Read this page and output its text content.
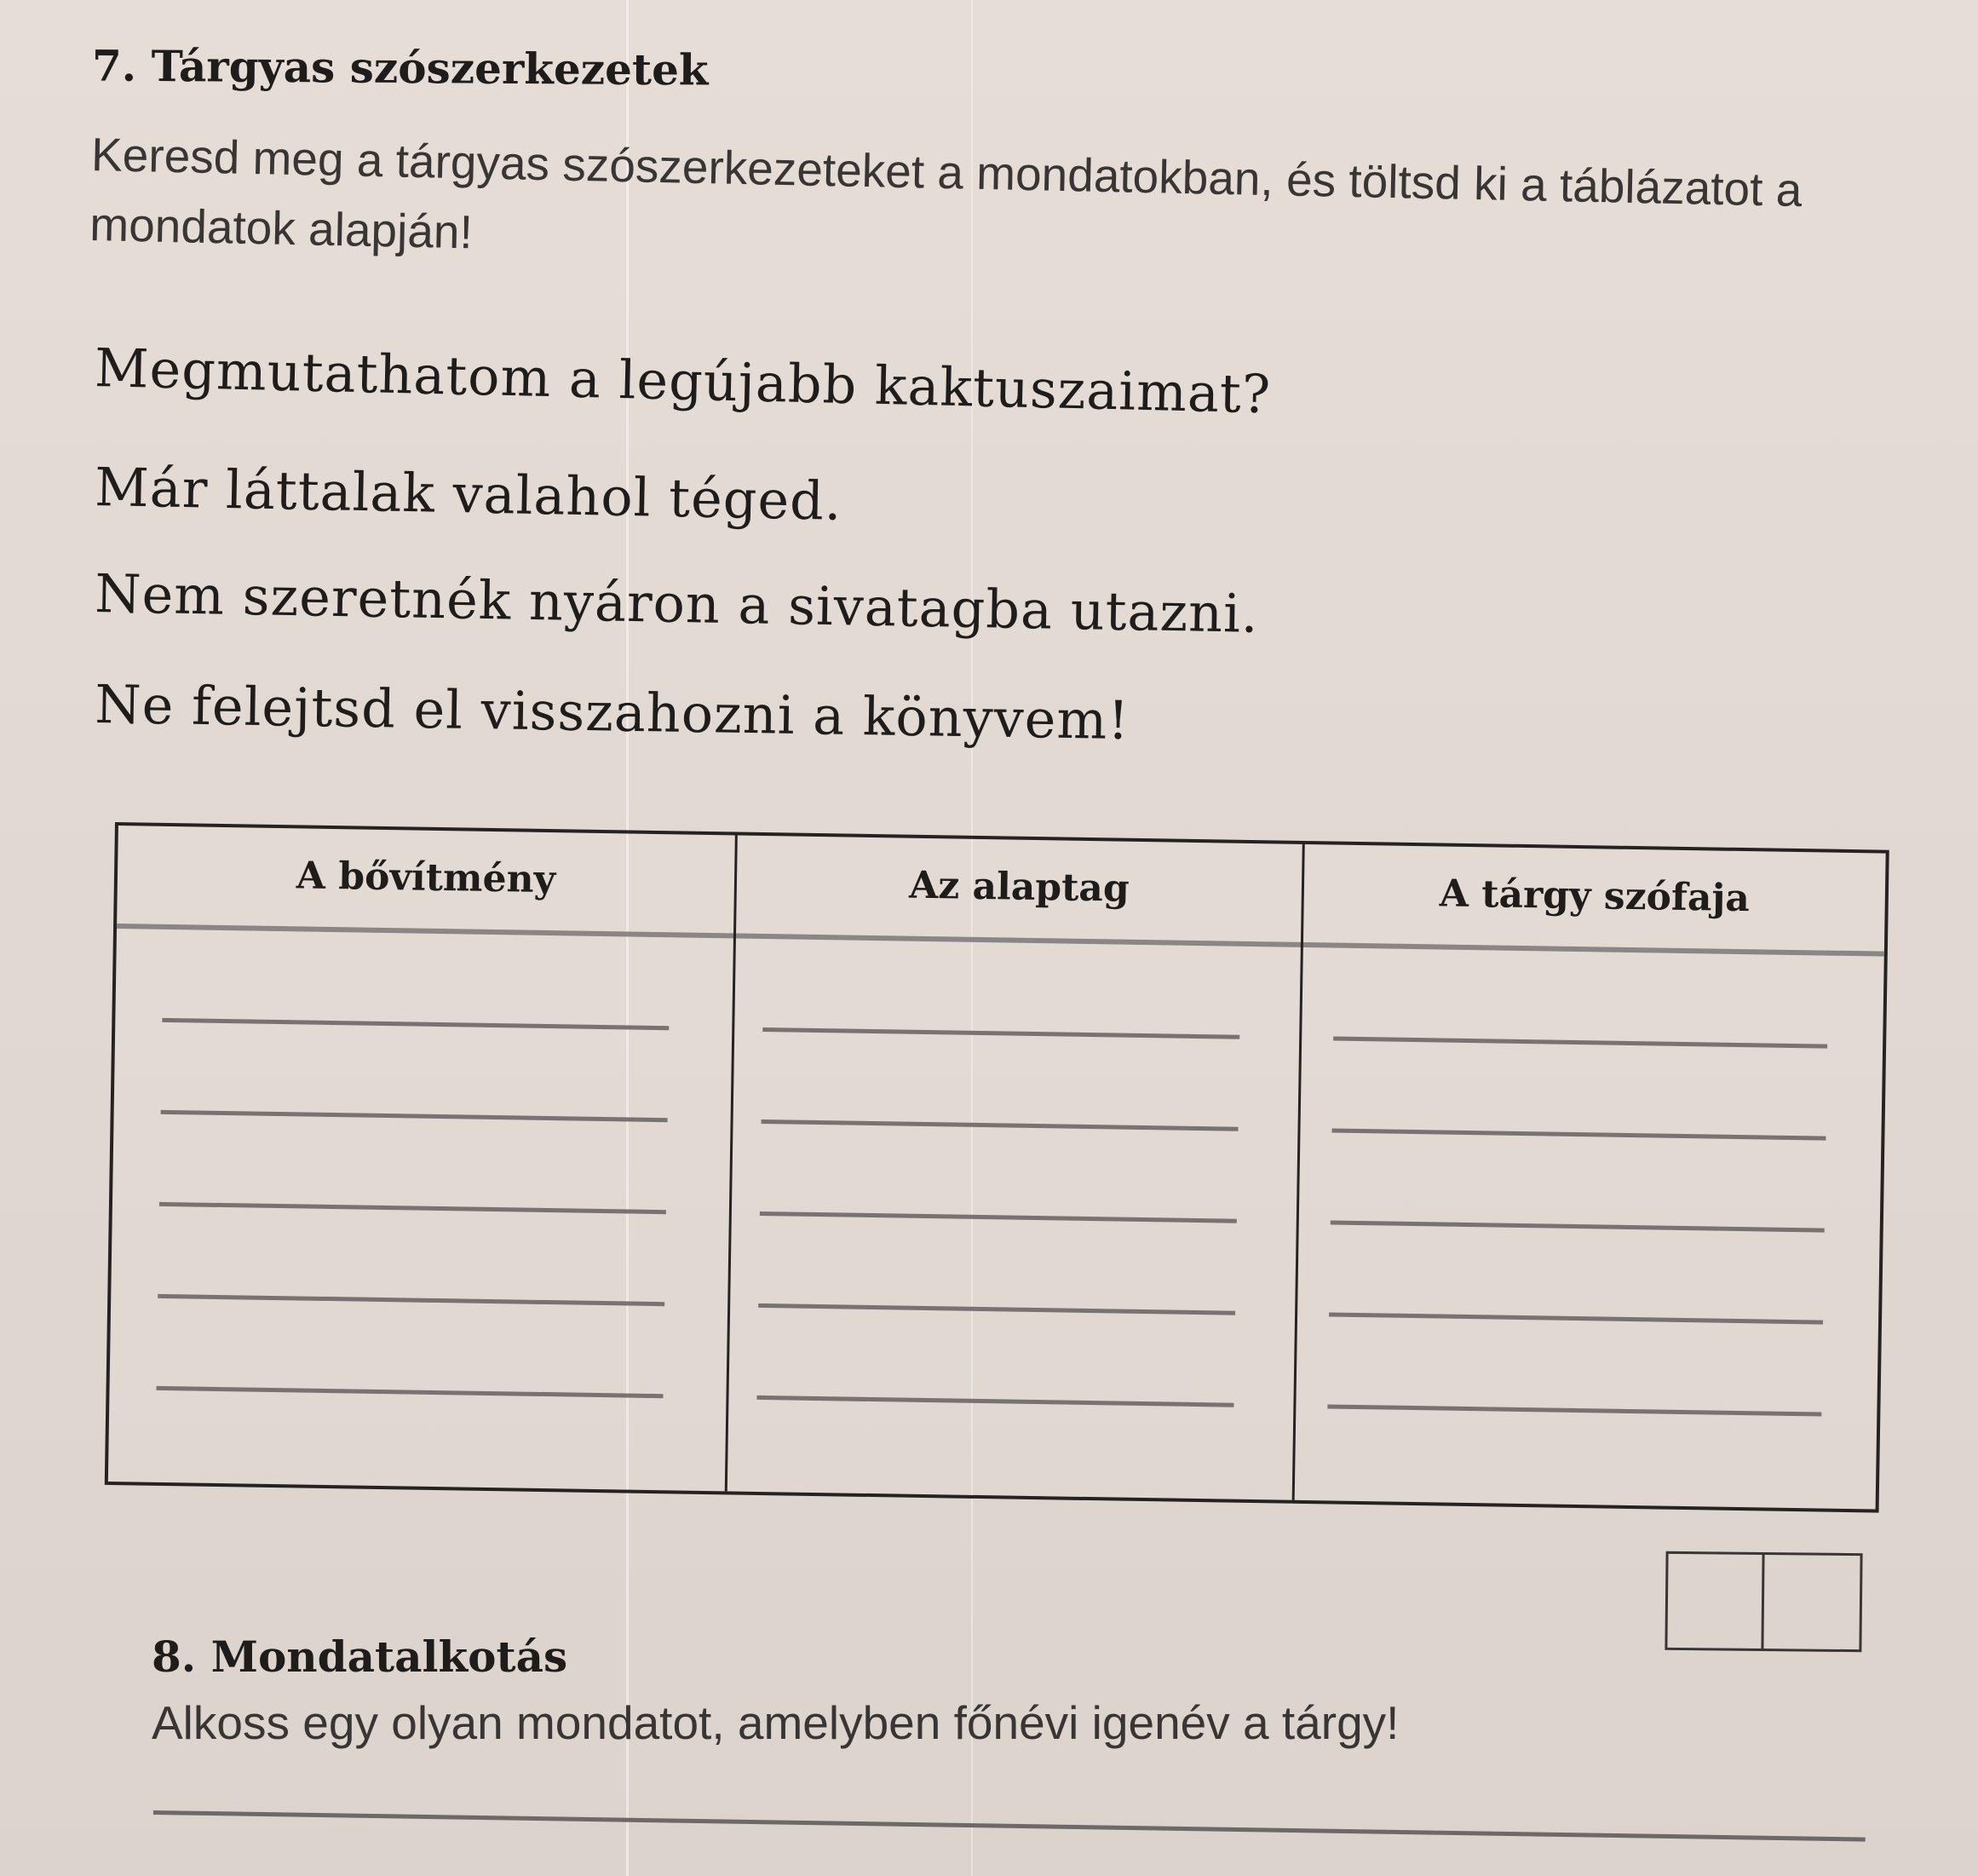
7. Tárgyas szószerkezetek
Keresd meg a tárgyas szószerkezeteket a mondatokban, és töltsd ki a táblázatot a mondatok alapján!
Megmutathatom a legújabb kaktuszaimat?
Már láttalak valahol téged.
Nem szeretnék nyáron a sivatagba utazni.
Ne felejtsd el visszahozni a könyvem!
A bővítmény	Az alaptag	A tárgy szófaja
8. Mondatalkotás
Alkoss egy olyan mondatot, amelyben főnévi igenév a tárgy!
